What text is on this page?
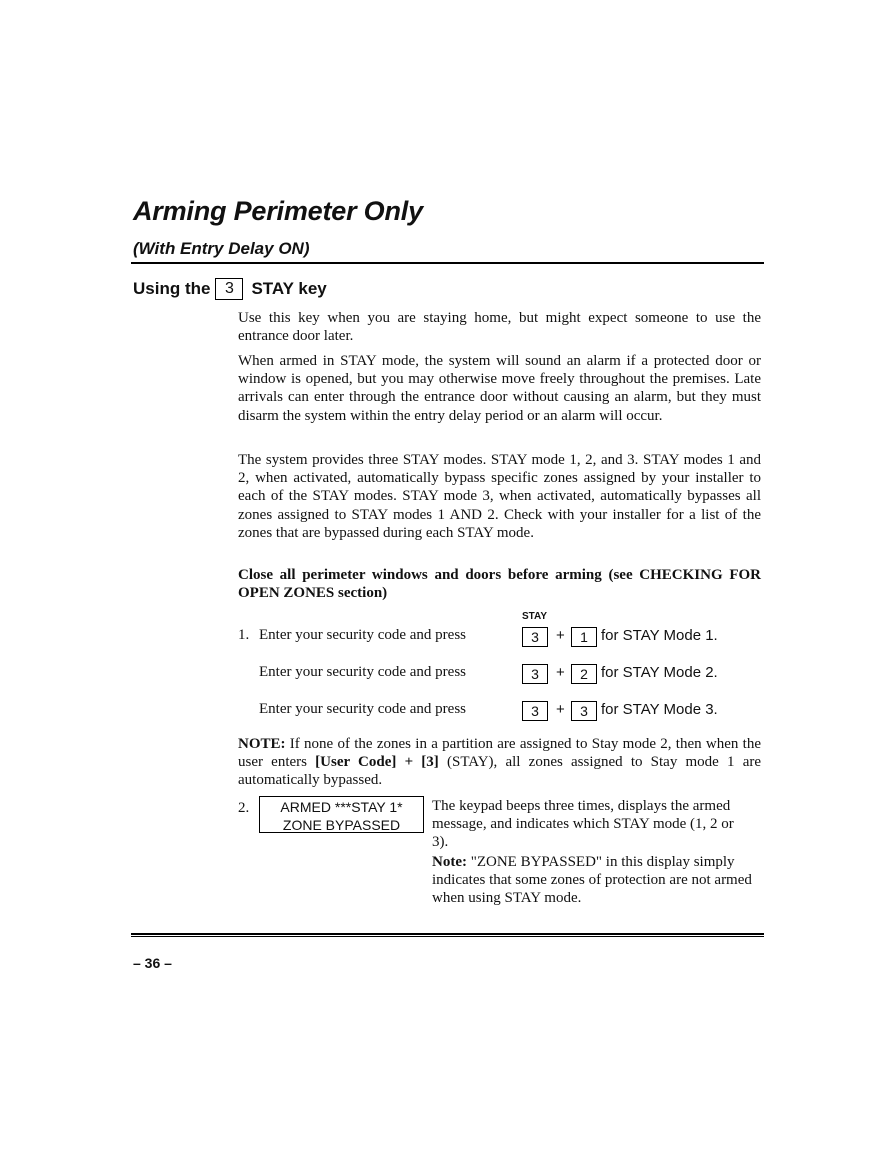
Arming Perimeter Only
(With Entry Delay ON)
Using the 3	STAY key

Use this key when you are staying home, but might expect someone to use the entrance door later.

When armed in STAY mode, the system will sound an alarm if a protected door or window is opened, but you may otherwise move freely throughout the premises. Late arrivals can enter through the entrance door without causing an alarm, but they must disarm the system within the entry delay period or an alarm will occur.

The system provides three STAY modes. STAY mode 1, 2, and 3. STAY modes 1 and 2, when activated, automatically bypass specific zones assigned by your installer to each of the STAY modes. STAY mode 3, when activated, automatically bypasses all zones assigned to STAY modes 1 AND 2. Check with your installer for a list of the zones that are bypassed during each STAY mode.

Close all perimeter windows and doors before arming (see CHECKING FOR OPEN ZONES section)

STAY
1. Enter your security code and press	3	+	1 for STAY Mode 1.
Enter your security code and press	3	+	2 for STAY Mode 2.
Enter your security code and press	3	+	3 for STAY Mode 3.

NOTE: If none of the zones in a partition are assigned to Stay mode 2, then when the user enters [User Code] + [3] (STAY), all zones assigned to Stay mode 1 are automatically bypassed.

2.	ARMED ***STAY 1*
ZONE BYPASSED

The keypad beeps three times, displays the armed message, and indicates which STAY mode (1, 2 or 3).

Note: "ZONE BYPASSED" in this display simply indicates that some zones of protection are not armed when using STAY mode.

– 36 –
